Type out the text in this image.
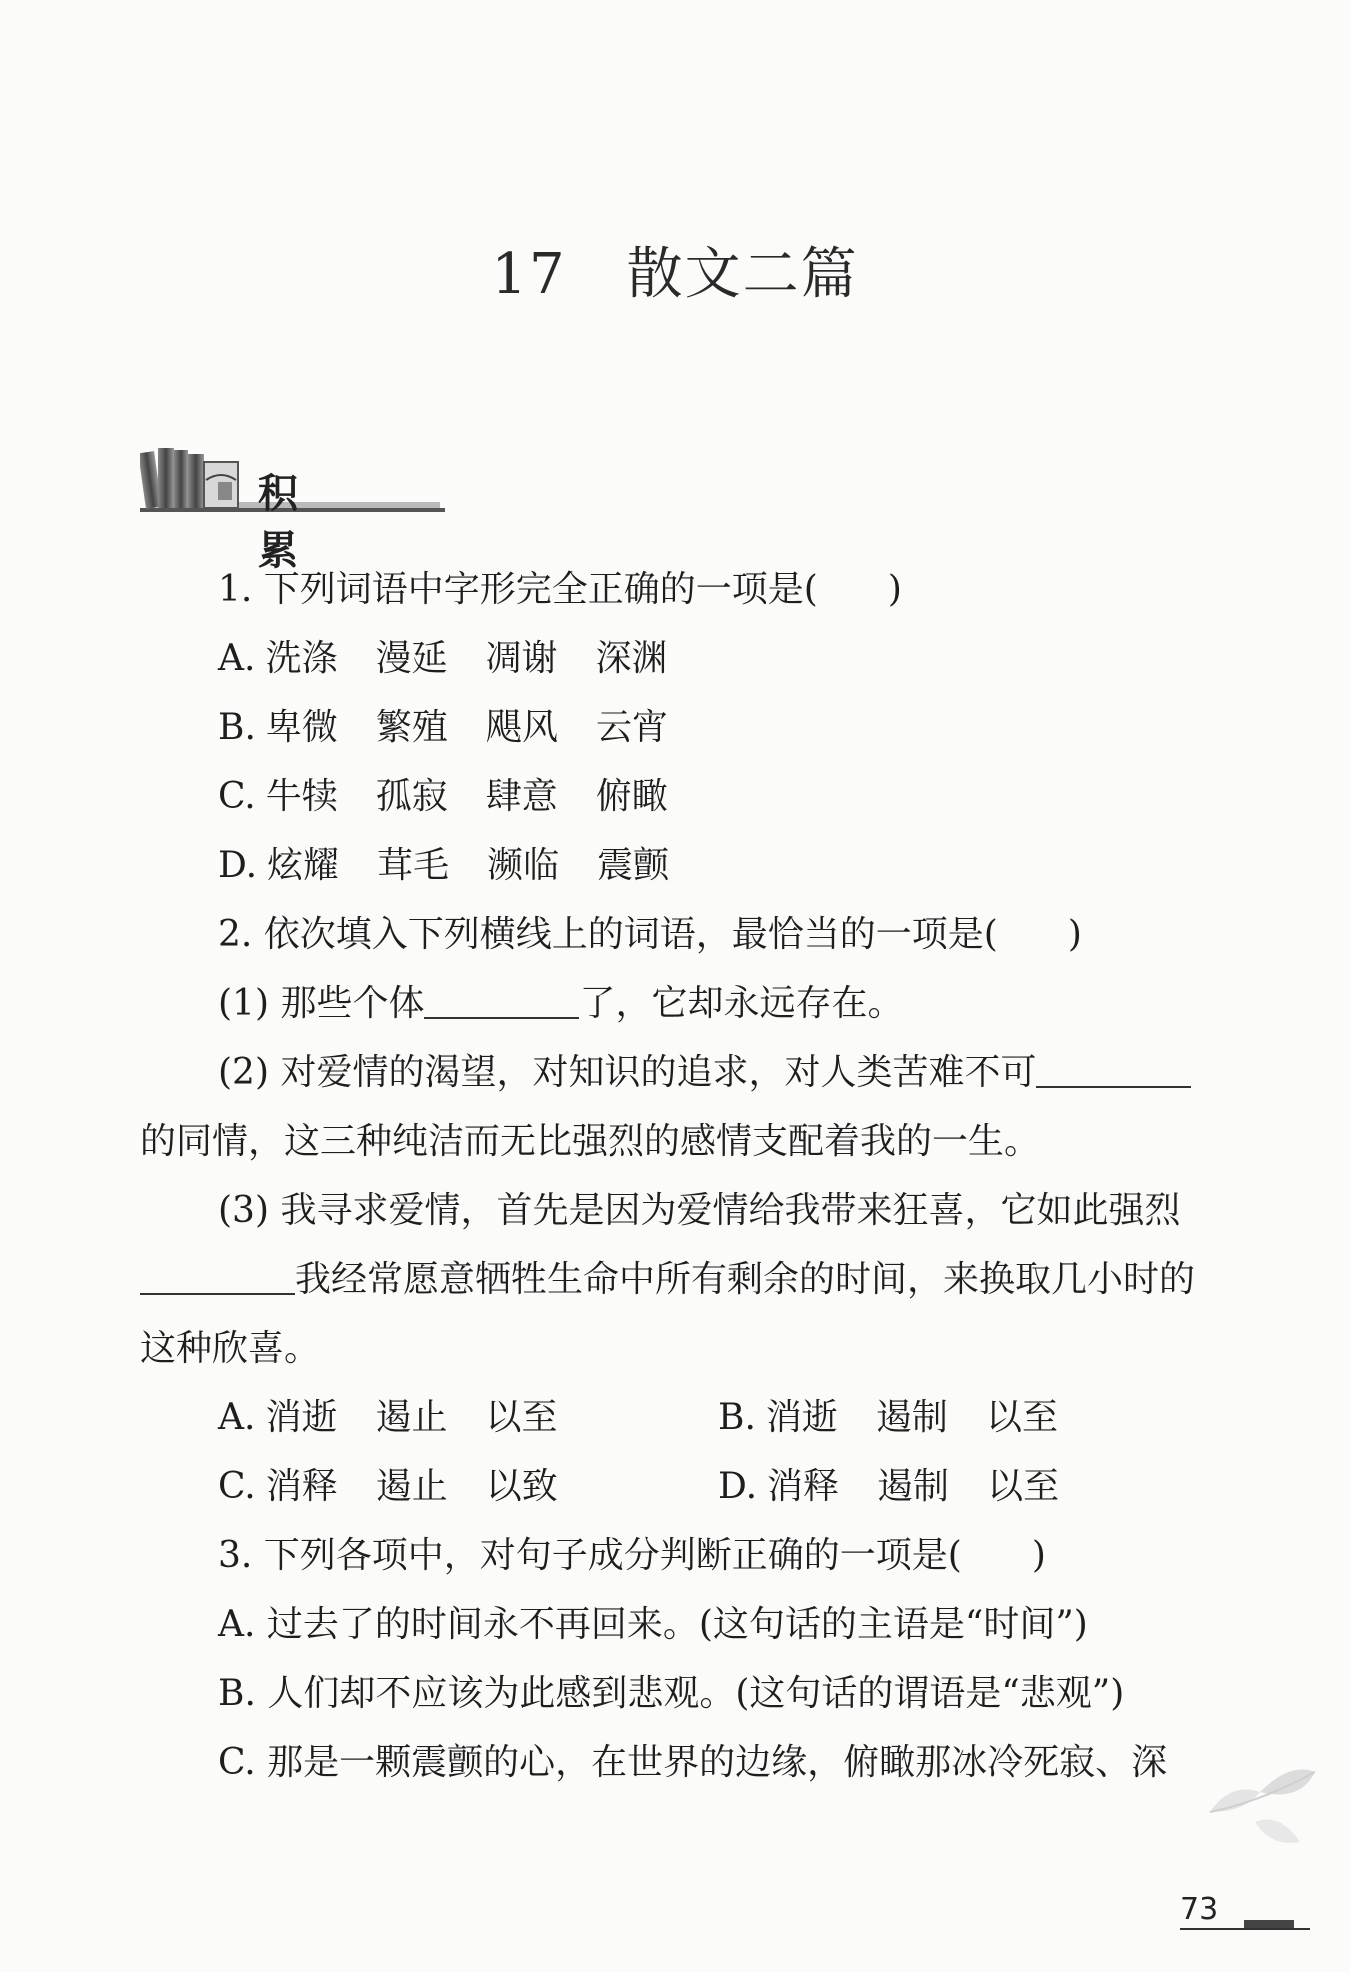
17 散文二篇
积 累
1. 下列词语中字形完全正确的一项是( )
A. 洗涤 漫延 凋谢 深渊
B. 卑微 繁殖 飓风 云宵
C. 牛犊 孤寂 肆意 俯瞰
D. 炫耀 茸毛 濒临 震颤
2. 依次填入下列横线上的词语，最恰当的一项是( )
(1) 那些个体	了，它却永远存在。
(2) 对爱情的渴望，对知识的追求，对人类苦难不可
的同情，这三种纯洁而无比强烈的感情支配着我的一生。
(3) 我寻求爱情，首先是因为爱情给我带来狂喜，它如此强烈
我经常愿意牺牲生命中所有剩余的时间，来换取几小时的
这种欣喜。
A. 消逝 遏止 以至	B. 消逝 遏制 以至
C. 消释 遏止 以致	D. 消释 遏制 以至
3. 下列各项中，对句子成分判断正确的一项是( )
A. 过去了的时间永不再回来。(这句话的主语是“时间”)
B. 人们却不应该为此感到悲观。(这句话的谓语是“悲观”)
C. 那是一颗震颤的心，在世界的边缘，俯瞰那冰冷死寂、深
73
